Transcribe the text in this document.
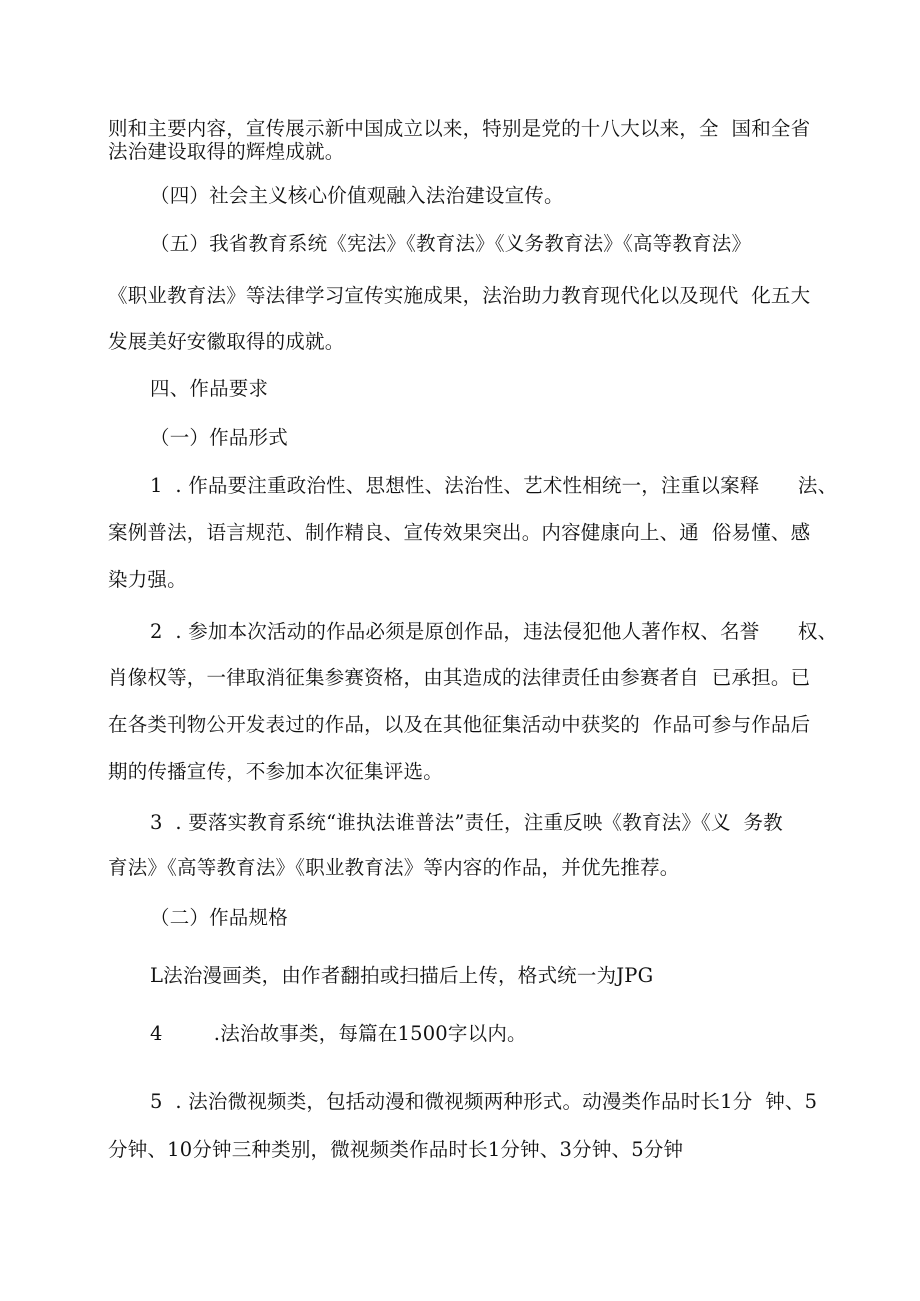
则和主要内容，宣传展示新中国成立以来，特别是党的十八大以来，全  国和全省
法治建设取得的辉煌成就。
（四）社会主义核心价值观融入法治建设宣传。
（五）我省教育系统《宪法》《教育法》《义务教育法》《高等教育法》
《职业教育法》等法律学习宣传实施成果，法治助力教育现代化以及现代  化五大
发展美好安徽取得的成就。
四、作品要求
（一）作品形式
1  . 作品要注重政治性、思想性、法治性、艺术性相统一，注重以案释      法、
案例普法，语言规范、制作精良、宣传效果突出。内容健康向上、通  俗易懂、感
染力强。
2  . 参加本次活动的作品必须是原创作品，违法侵犯他人著作权、名誉      权、
肖像权等，一律取消征集参赛资格，由其造成的法律责任由参赛者自  已承担。已
在各类刊物公开发表过的作品，以及在其他征集活动中获奖的  作品可参与作品后
期的传播宣传，不参加本次征集评选。
3  . 要落实教育系统“谁执法谁普法”责任，注重反映《教育法》《义  务教
育法》《高等教育法》《职业教育法》等内容的作品，并优先推荐。
（二）作品规格
L法治漫画类，由作者翻拍或扫描后上传，格式统一为JPG
4        .法治故事类，每篇在1500字以内。
5  . 法治微视频类，包括动漫和微视频两种形式。动漫类作品时长1分  钟、5
分钟、10分钟三种类别，微视频类作品时长1分钟、3分钟、5分钟
